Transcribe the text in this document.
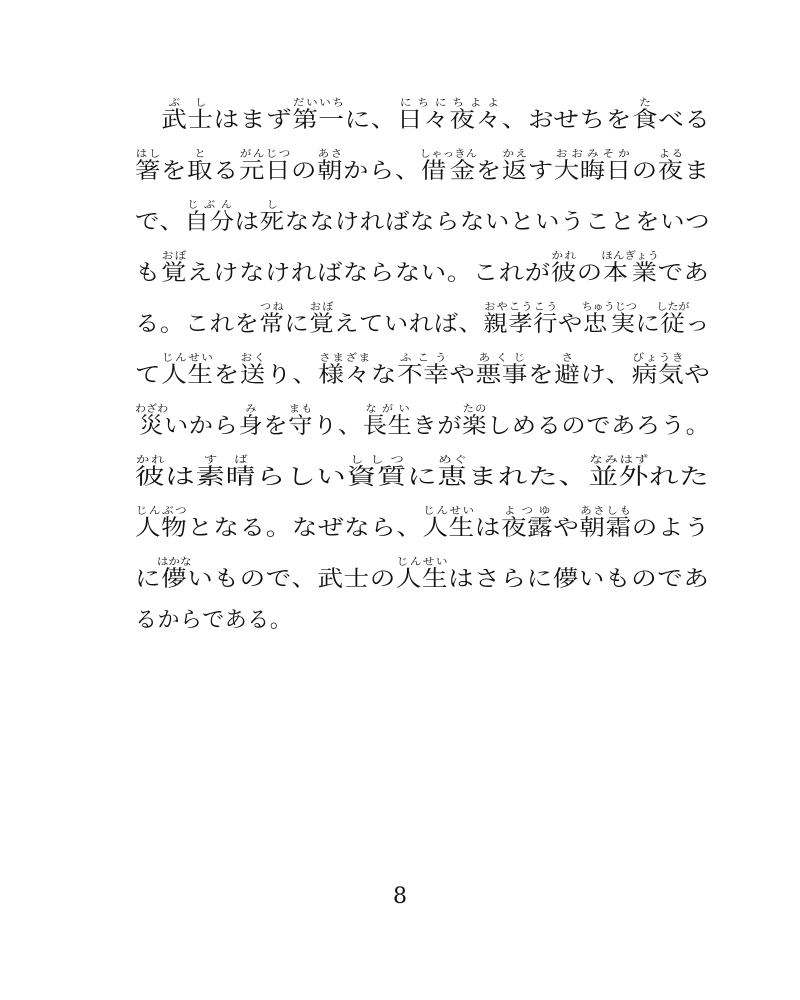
　武士ぶしはまず第一だいいちに、日々夜々にちにちよよ、おせちを食たべる
箸はしを取とる元日がんじつの朝あさから、借金しゃっきんを返かえす大晦日おおみそかの夜よるま
で、自分じぶんは死しななければならないということをいつ
も覚おぼえけなければならない。これが彼かれの本業ほんぎょうであ
る。これを常つねに覚おぼえていれば、親孝行おやこうこうや忠実ちゅうじつに従したがっ
て人生じんせいを送おくり、様々さまざまな不幸ふこうや悪事あくじを避さけ、病気びょうきや
災わざわいから身みを守まもり、長生ながいきが楽たのしめるのであろう。
彼かれは素晴すばらしい資質ししつに恵めぐまれた、並外なみはずれた
人物じんぶつとなる。なぜなら、人生じんせいは夜露よつゆや朝霜あさしものよう
に儚はかないもので、武士の人生じんせいはさらに儚いものであ
るからである。
8
